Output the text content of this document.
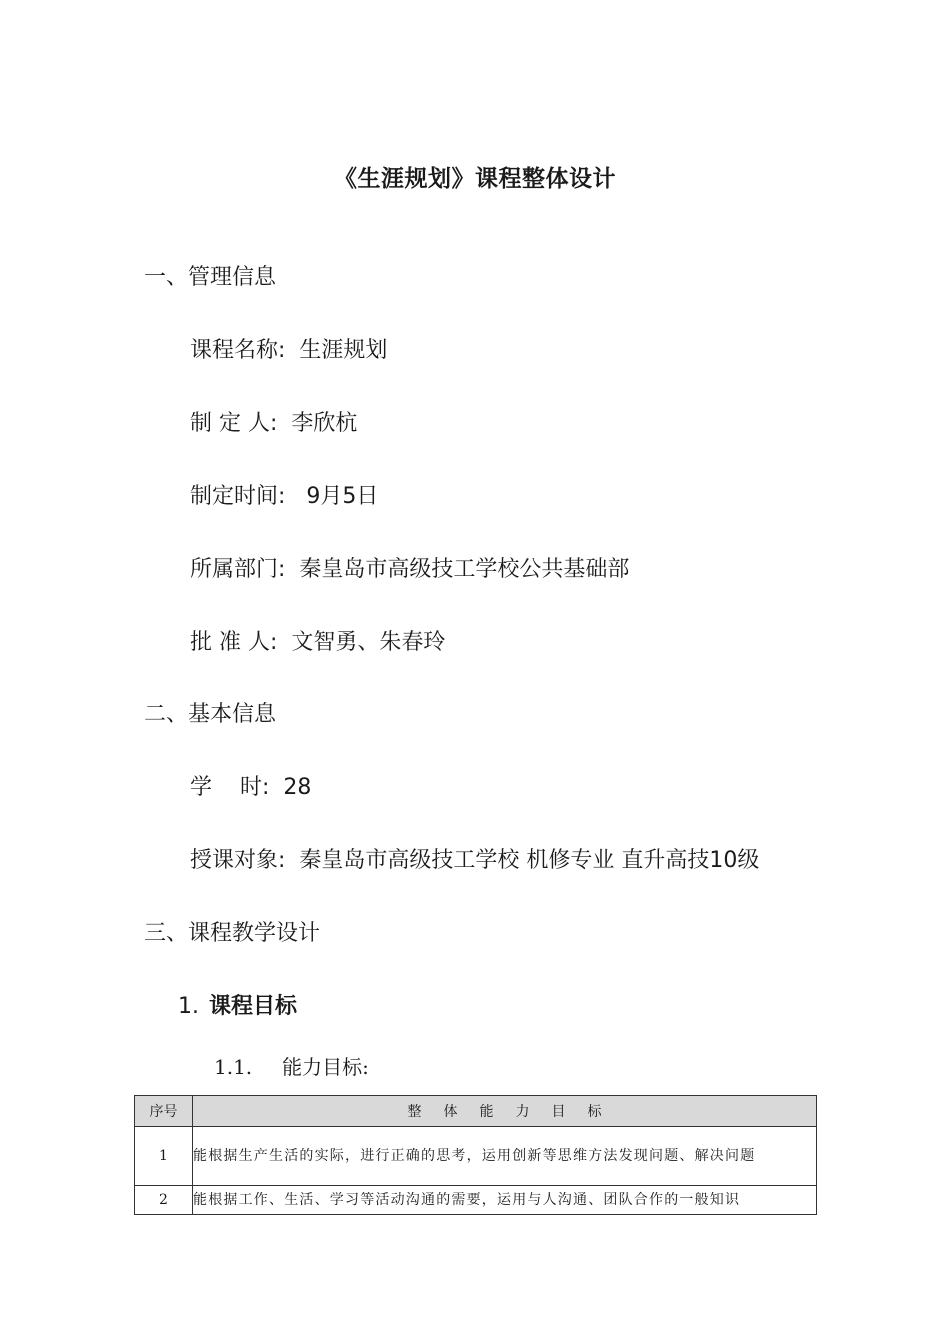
《生涯规划》课程整体设计
一、管理信息
课程名称: 生涯规划
制 定 人: 李欣杭
制定时间: 9月5日
所属部门: 秦皇岛市高级技工学校公共基础部
批 准 人: 文智勇、朱春玲
二、基本信息
学    时: 28
授课对象: 秦皇岛市高级技工学校 机修专业 直升高技10级
三、课程教学设计
1. 课程目标
1.1. 能力目标:
序号	整体能力目标
1	能根据生产生活的实际，进行正确的思考，运用创新等思维方法发现问题、解决问题
2	能根据工作、生活、学习等活动沟通的需要，运用与人沟通、团队合作的一般知识
